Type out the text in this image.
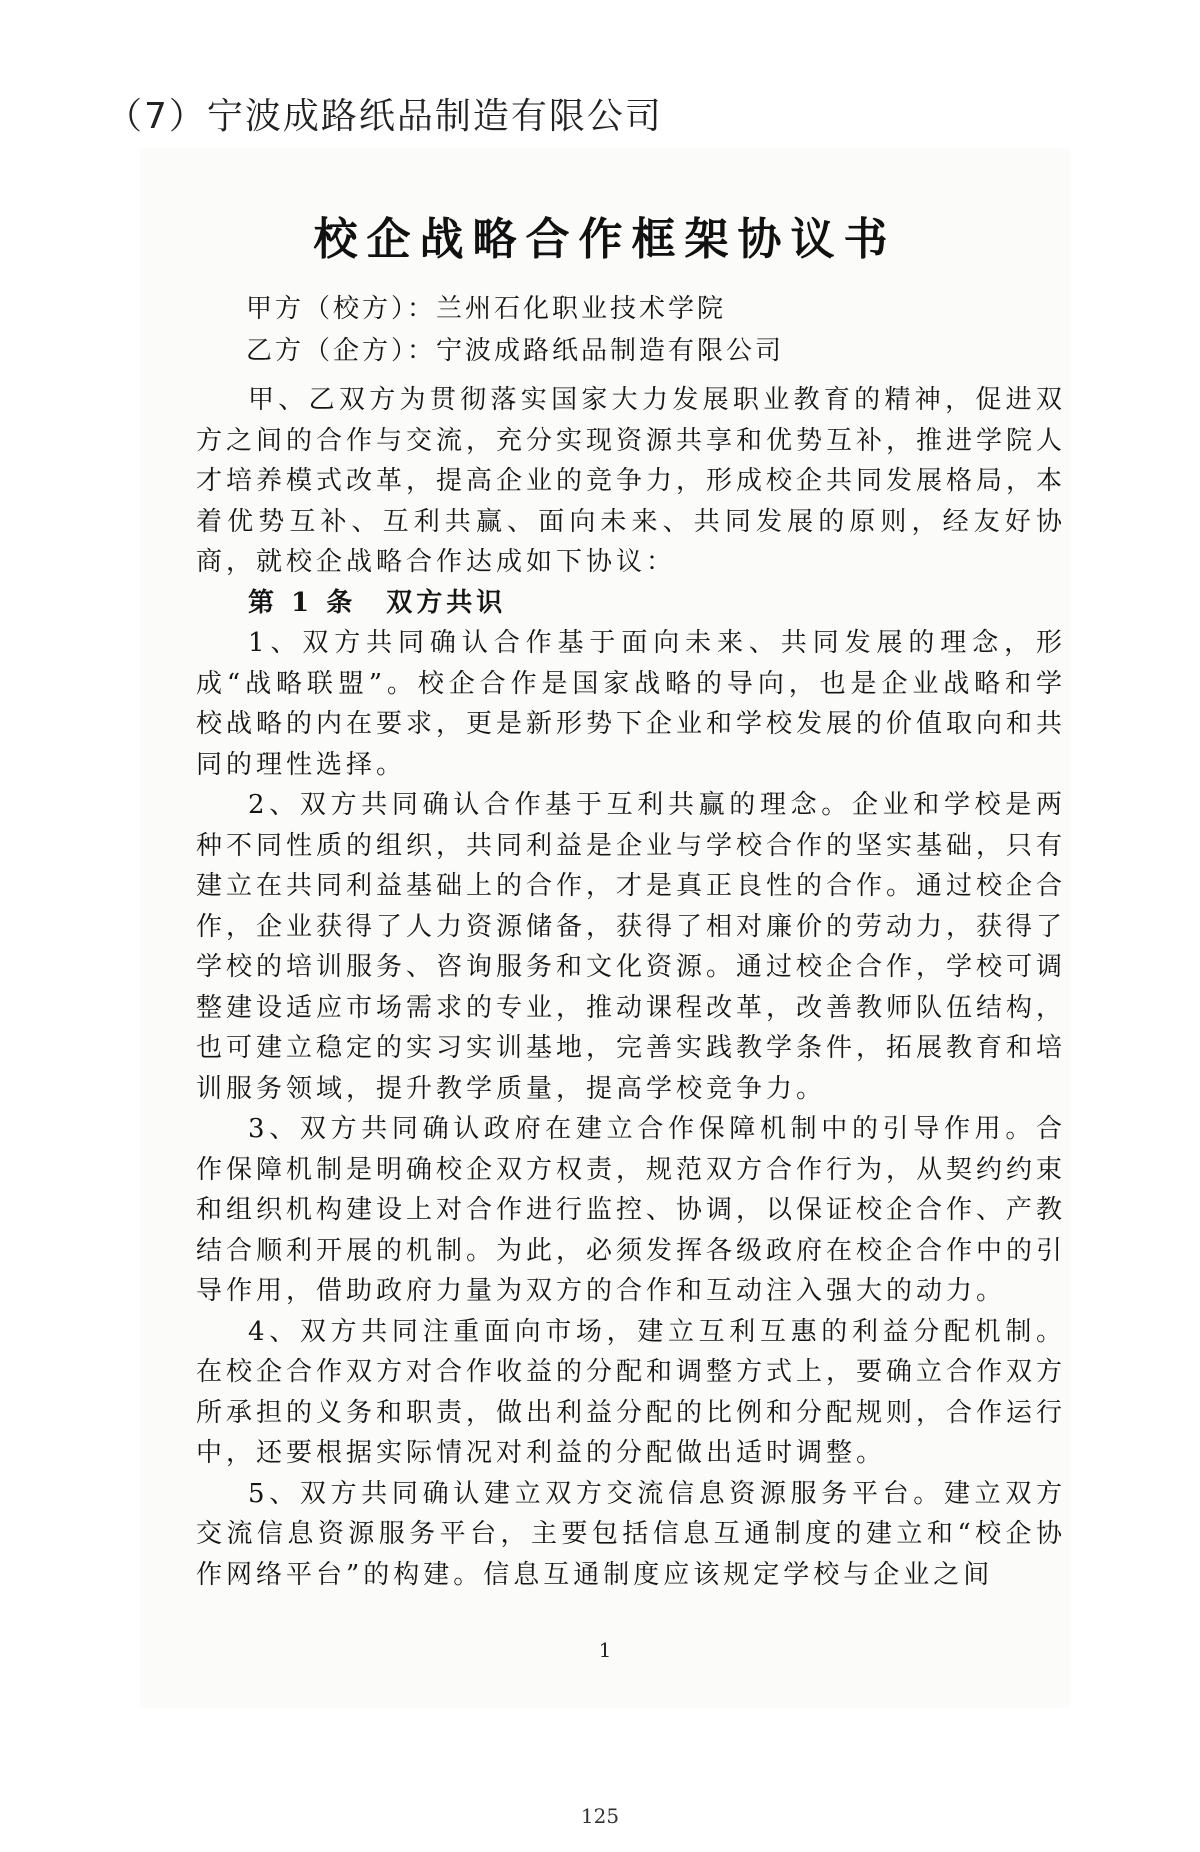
（7）宁波成路纸品制造有限公司
校企战略合作框架协议书
甲方（校方）：兰州石化职业技术学院
乙方（企方）：宁波成路纸品制造有限公司

甲、乙双方为贯彻落实国家大力发展职业教育的精神，促进双方之间的合作与交流，充分实现资源共享和优势互补，推进学院人才培养模式改革，提高企业的竞争力，形成校企共同发展格局，本着优势互补、互利共赢、面向未来、共同发展的原则，经友好协商，就校企战略合作达成如下协议：

第 1 条　双方共识

1、双方共同确认合作基于面向未来、共同发展的理念，形成“战略联盟”。校企合作是国家战略的导向，也是企业战略和学校战略的内在要求，更是新形势下企业和学校发展的价值取向和共同的理性选择。

2、双方共同确认合作基于互利共赢的理念。企业和学校是两种不同性质的组织，共同利益是企业与学校合作的坚实基础，只有建立在共同利益基础上的合作，才是真正良性的合作。通过校企合作，企业获得了人力资源储备，获得了相对廉价的劳动力，获得了学校的培训服务、咨询服务和文化资源。通过校企合作，学校可调整建设适应市场需求的专业，推动课程改革，改善教师队伍结构，也可建立稳定的实习实训基地，完善实践教学条件，拓展教育和培训服务领域，提升教学质量，提高学校竞争力。

3、双方共同确认政府在建立合作保障机制中的引导作用。合作保障机制是明确校企双方权责，规范双方合作行为，从契约约束和组织机构建设上对合作进行监控、协调，以保证校企合作、产教结合顺利开展的机制。为此，必须发挥各级政府在校企合作中的引导作用，借助政府力量为双方的合作和互动注入强大的动力。

4、双方共同注重面向市场，建立互利互惠的利益分配机制。在校企合作双方对合作收益的分配和调整方式上，要确立合作双方所承担的义务和职责，做出利益分配的比例和分配规则，合作运行中，还要根据实际情况对利益的分配做出适时调整。

5、双方共同确认建立双方交流信息资源服务平台。建立双方交流信息资源服务平台，主要包括信息互通制度的建立和“校企协作网络平台”的构建。信息互通制度应该规定学校与企业之间

1
125
